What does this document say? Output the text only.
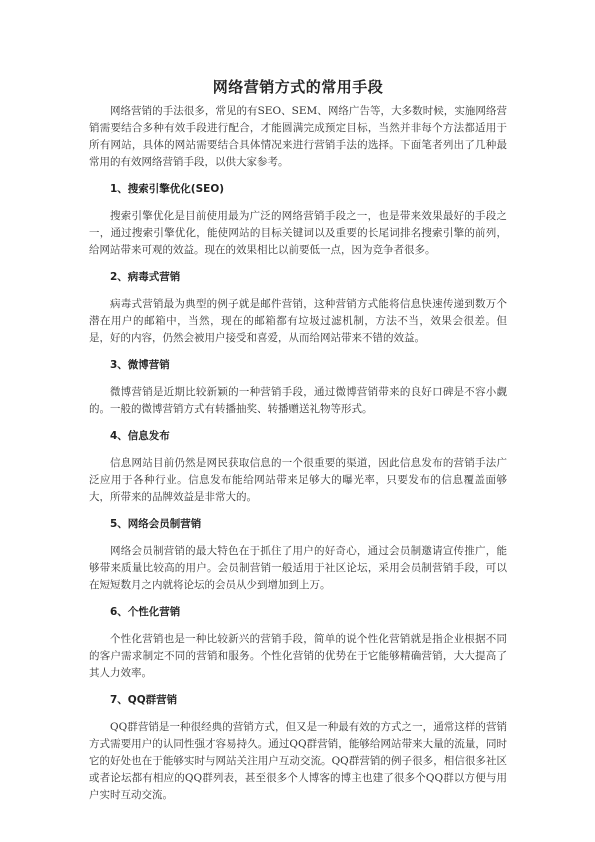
网络营销方式的常用手段

网络营销的手法很多，常见的有SEO、SEM、网络广告等，大多数时候，实施网络营销需要结合多种有效手段进行配合，才能圆满完成预定目标，当然并非每个方法都适用于所有网站，具体的网站需要结合具体情况来进行营销手法的选择。下面笔者列出了几种最常用的有效网络营销手段，以供大家参考。

1、搜索引擎优化(SEO)

搜索引擎优化是目前使用最为广泛的网络营销手段之一，也是带来效果最好的手段之一，通过搜索引擎优化，能使网站的目标关键词以及重要的长尾词排名搜索引擎的前列，给网站带来可观的效益。现在的效果相比以前要低一点，因为竞争者很多。

2、病毒式营销

病毒式营销最为典型的例子就是邮件营销，这种营销方式能将信息快速传递到数万个潜在用户的邮箱中，当然，现在的邮箱都有垃圾过滤机制，方法不当，效果会很差。但是，好的内容，仍然会被用户接受和喜爱，从而给网站带来不错的效益。

3、微博营销

微博营销是近期比较新颖的一种营销手段，通过微博营销带来的良好口碑是不容小觑的。一般的微博营销方式有转播抽奖、转播赠送礼物等形式。

4、信息发布

信息网站目前仍然是网民获取信息的一个很重要的渠道，因此信息发布的营销手法广泛应用于各种行业。信息发布能给网站带来足够大的曝光率，只要发布的信息覆盖面够大，所带来的品牌效益是非常大的。

5、网络会员制营销

网络会员制营销的最大特色在于抓住了用户的好奇心，通过会员制邀请宣传推广，能够带来质量比较高的用户。会员制营销一般适用于社区论坛，采用会员制营销手段，可以在短短数月之内就将论坛的会员从少到增加到上万。

6、个性化营销

个性化营销也是一种比较新兴的营销手段，简单的说个性化营销就是指企业根据不同的客户需求制定不同的营销和服务。个性化营销的优势在于它能够精确营销，大大提高了其人力效率。

7、QQ群营销

QQ群营销是一种很经典的营销方式，但又是一种最有效的方式之一，通常这样的营销方式需要用户的认同性强才容易持久。通过QQ群营销，能够给网站带来大量的流量，同时它的好处也在于能够实时与网站关注用户互动交流。QQ群营销的例子很多，相信很多社区或者论坛都有相应的QQ群列表，甚至很多个人博客的博主也建了很多个QQ群以方便与用户实时互动交流。
